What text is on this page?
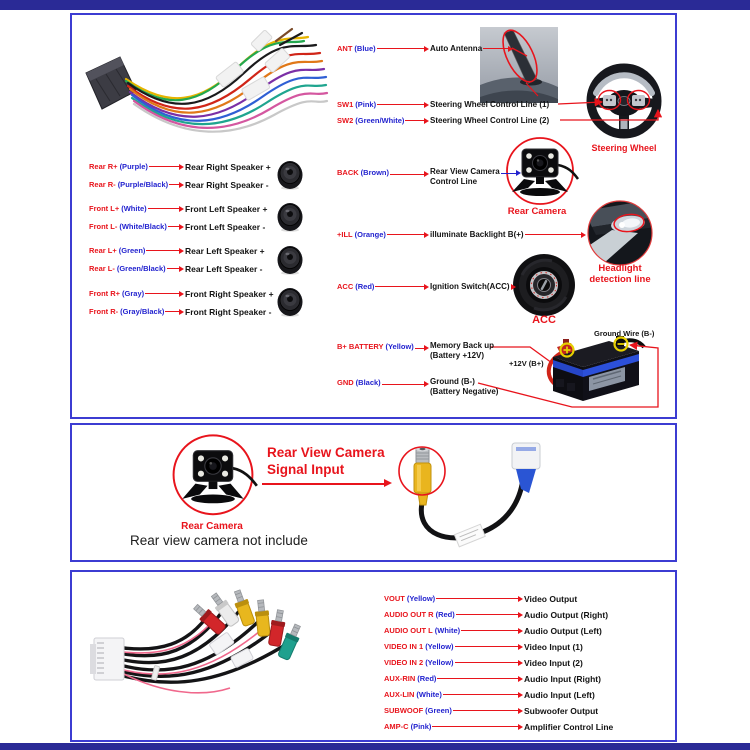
ANT (Blue)	Auto Antenna
SW1 (Pink)	Steering Wheel Control Line (1)
SW2 (Green/White)	Steering Wheel Control Line (2)
Steering Wheel
BACK (Brown)	Rear View Camera
Control Line
Rear Camera
+ILL (Orange)	illuminate Backlight B(+)
Headlight
detection line
ACC (Red)	Ignition Switch(ACC)
ACC
B+ BATTERY (Yellow) Memory Back up
(Battery +12V)
GND (Black)	Ground (B-)
(Battery Negative)
Ground Wire (B-)
+12V (B+)
Rear R+ (Purple)	Rear Right Speaker +
Rear R- (Purple/Black) Rear Right Speaker -
Front L+ (White)	Front Left Speaker +
Front L- (White/Black) Front Left Speaker -
Rear L+ (Green)	Rear Left Speaker +
Rear L- (Green/Black) Rear Left Speaker -
Front R+ (Gray)	Front Right Speaker +
Front R- (Gray/Black) Front Right Speaker -
Rear Camera
Rear view camera not include
Rear View Camera
Signal Input
VOUT (Yellow)	Video Output
AUDIO OUT R (Red)	Audio Output (Right)
AUDIO OUT L (White)	Audio Output (Left)
VIDEO IN 1 (Yellow)	Video Input (1)
VIDEO IN 2 (Yellow)	Video Input (2)
AUX-RIN (Red)	Audio Input (Right)
AUX-LIN (White)	Audio Input (Left)
SUBWOOF (Green)	Subwoofer Output
AMP-C (Pink)	Amplifier Control Line
